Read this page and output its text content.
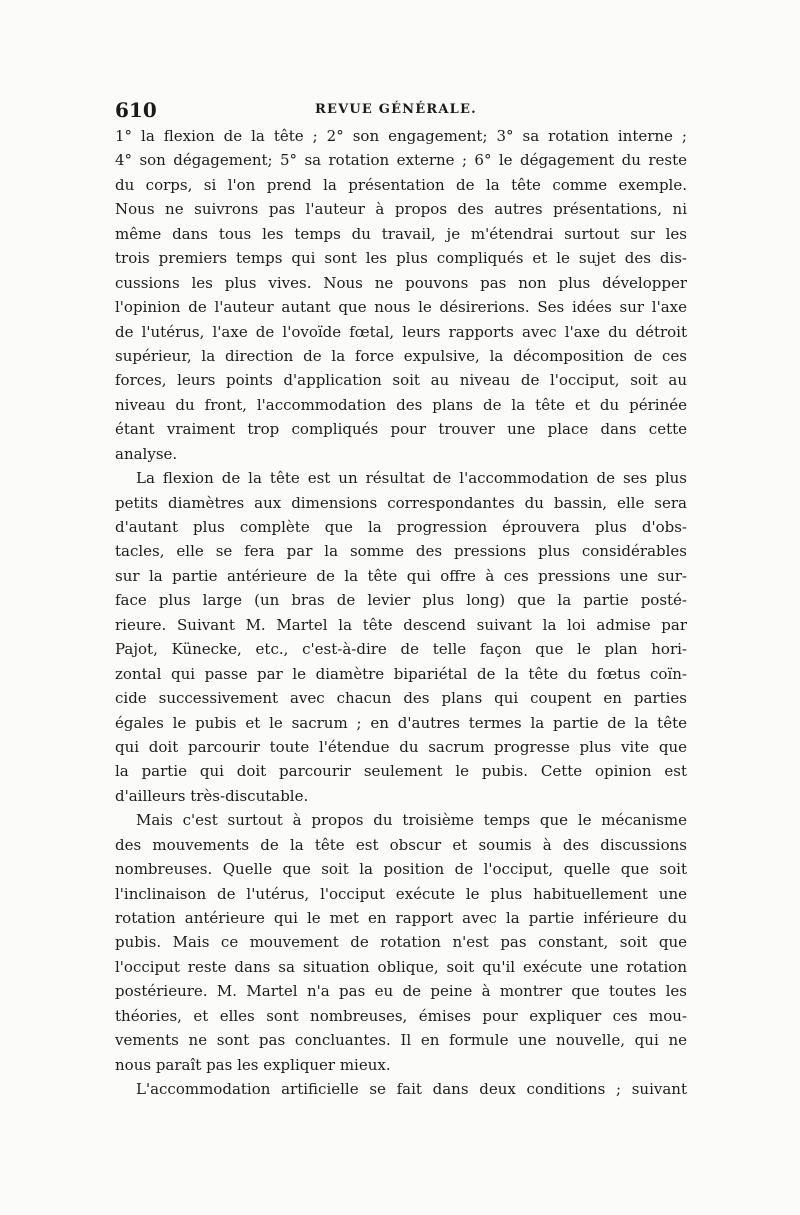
610	REVUE GÉNÉRALE.
1° la flexion de la tête ; 2° son engagement; 3° sa rotation interne ;
4° son dégagement; 5° sa rotation externe ; 6° le dégagement du reste
du corps, si l'on prend la présentation de la tête comme exemple.
Nous ne suivrons pas l'auteur à propos des autres présentations, ni
même dans tous les temps du travail, je m'étendrai surtout sur les
trois premiers temps qui sont les plus compliqués et le sujet des dis-
cussions les plus vives. Nous ne pouvons pas non plus développer
l'opinion de l'auteur autant que nous le désirerions. Ses idées sur l'axe
de l'utérus, l'axe de l'ovoïde fœtal, leurs rapports avec l'axe du détroit
supérieur, la direction de la force expulsive, la décomposition de ces
forces, leurs points d'application soit au niveau de l'occiput, soit au
niveau du front, l'accommodation des plans de la tête et du périnée
étant vraiment trop compliqués pour trouver une place dans cette
analyse.
La flexion de la tête est un résultat de l'accommodation de ses plus
petits diamètres aux dimensions correspondantes du bassin, elle sera
d'autant plus complète que la progression éprouvera plus d'obs-
tacles, elle se fera par la somme des pressions plus considérables
sur la partie antérieure de la tête qui offre à ces pressions une sur-
face plus large (un bras de levier plus long) que la partie posté-
rieure. Suivant M. Martel la tête descend suivant la loi admise par
Pajot, Künecke, etc., c'est-à-dire de telle façon que le plan hori-
zontal qui passe par le diamètre bipariétal de la tête du fœtus coïn-
cide successivement avec chacun des plans qui coupent en parties
égales le pubis et le sacrum ; en d'autres termes la partie de la tête
qui doit parcourir toute l'étendue du sacrum progresse plus vite que
la partie qui doit parcourir seulement le pubis. Cette opinion est
d'ailleurs très-discutable.
Mais c'est surtout à propos du troisième temps que le mécanisme
des mouvements de la tête est obscur et soumis à des discussions
nombreuses. Quelle que soit la position de l'occiput, quelle que soit
l'inclinaison de l'utérus, l'occiput exécute le plus habituellement une
rotation antérieure qui le met en rapport avec la partie inférieure du
pubis. Mais ce mouvement de rotation n'est pas constant, soit que
l'occiput reste dans sa situation oblique, soit qu'il exécute une rotation
postérieure. M. Martel n'a pas eu de peine à montrer que toutes les
théories, et elles sont nombreuses, émises pour expliquer ces mou-
vements ne sont pas concluantes. Il en formule une nouvelle, qui ne
nous paraît pas les expliquer mieux.
L'accommodation artificielle se fait dans deux conditions ; suivant
